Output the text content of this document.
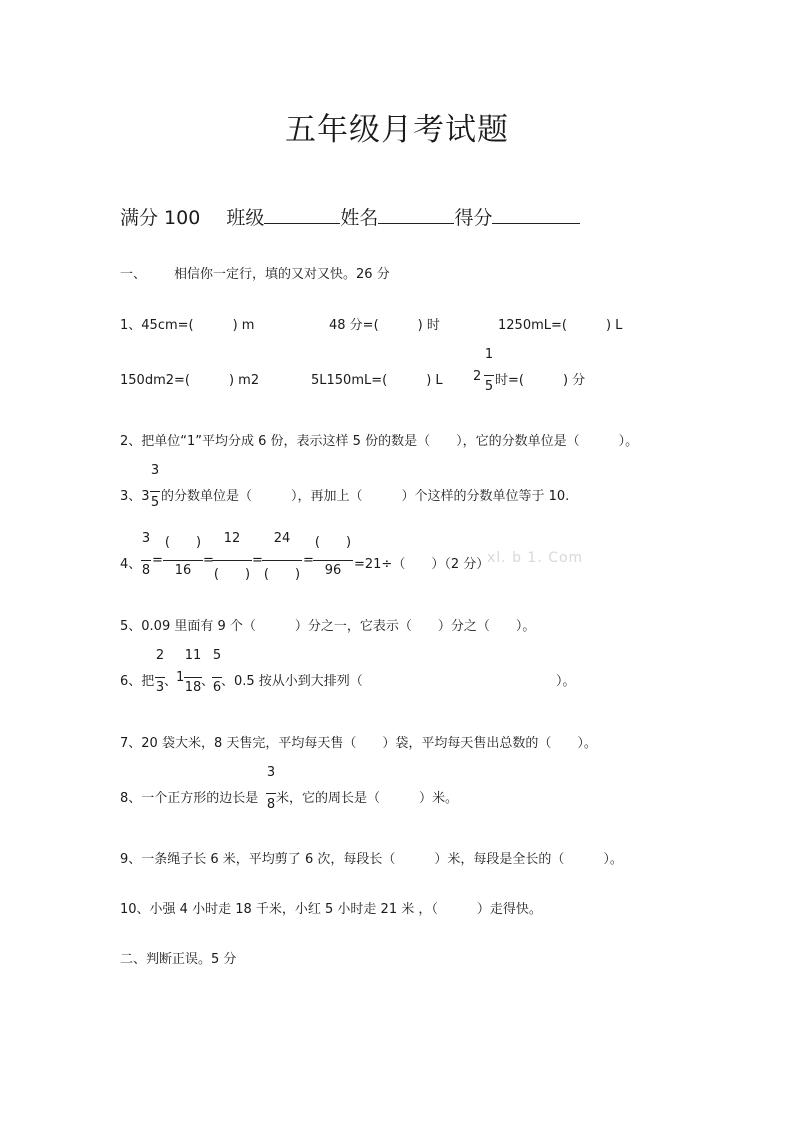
五年级月考试题
满分 100 班级	姓名	得分
一、 相信你一定行，填的又对又快。26 分
1、45cm=(　　　) m	48 分=(　　　) 时	1250mL=(　　　) L
150dm2=(　　　) m2	5L150mL=(　　　) L 2
1
5 时=(　　　) 分
2、把单位“1”平均分成 6 份，表示这样 5 份的数是（　　），它的分数单位是（　　　）。
3、3
3
5 的分数单位是（　　　），再加上（　　　）个这样的分数单位等于 10.
4、
3
8
=
(　　)
16
=
12
(　　)
=
24
(　　)
=
(　　)
96 =21÷（　　）（2 分）
xl. b 1. Com
5、0.09 里面有 9 个（　　　）分之一，它表示（　　）分之（　　）。
6、把
2
3 、
1
11
18 、
5
6 、0.5 按从小到大排列（	）。
7、20 袋大米，8 天售完，平均每天售（　　）袋，平均每天售出总数的（　　）。
8、一个正方形的边长是
3
8 米，它的周长是（　　　）米。
9、一条绳子长 6 米，平均剪了 6 次，每段长（　　　）米，每段是全长的（　　　）。
10、小强 4 小时走 18 千米，小红 5 小时走 21 米 ，（　　　）走得快。
二、判断正误。5 分
